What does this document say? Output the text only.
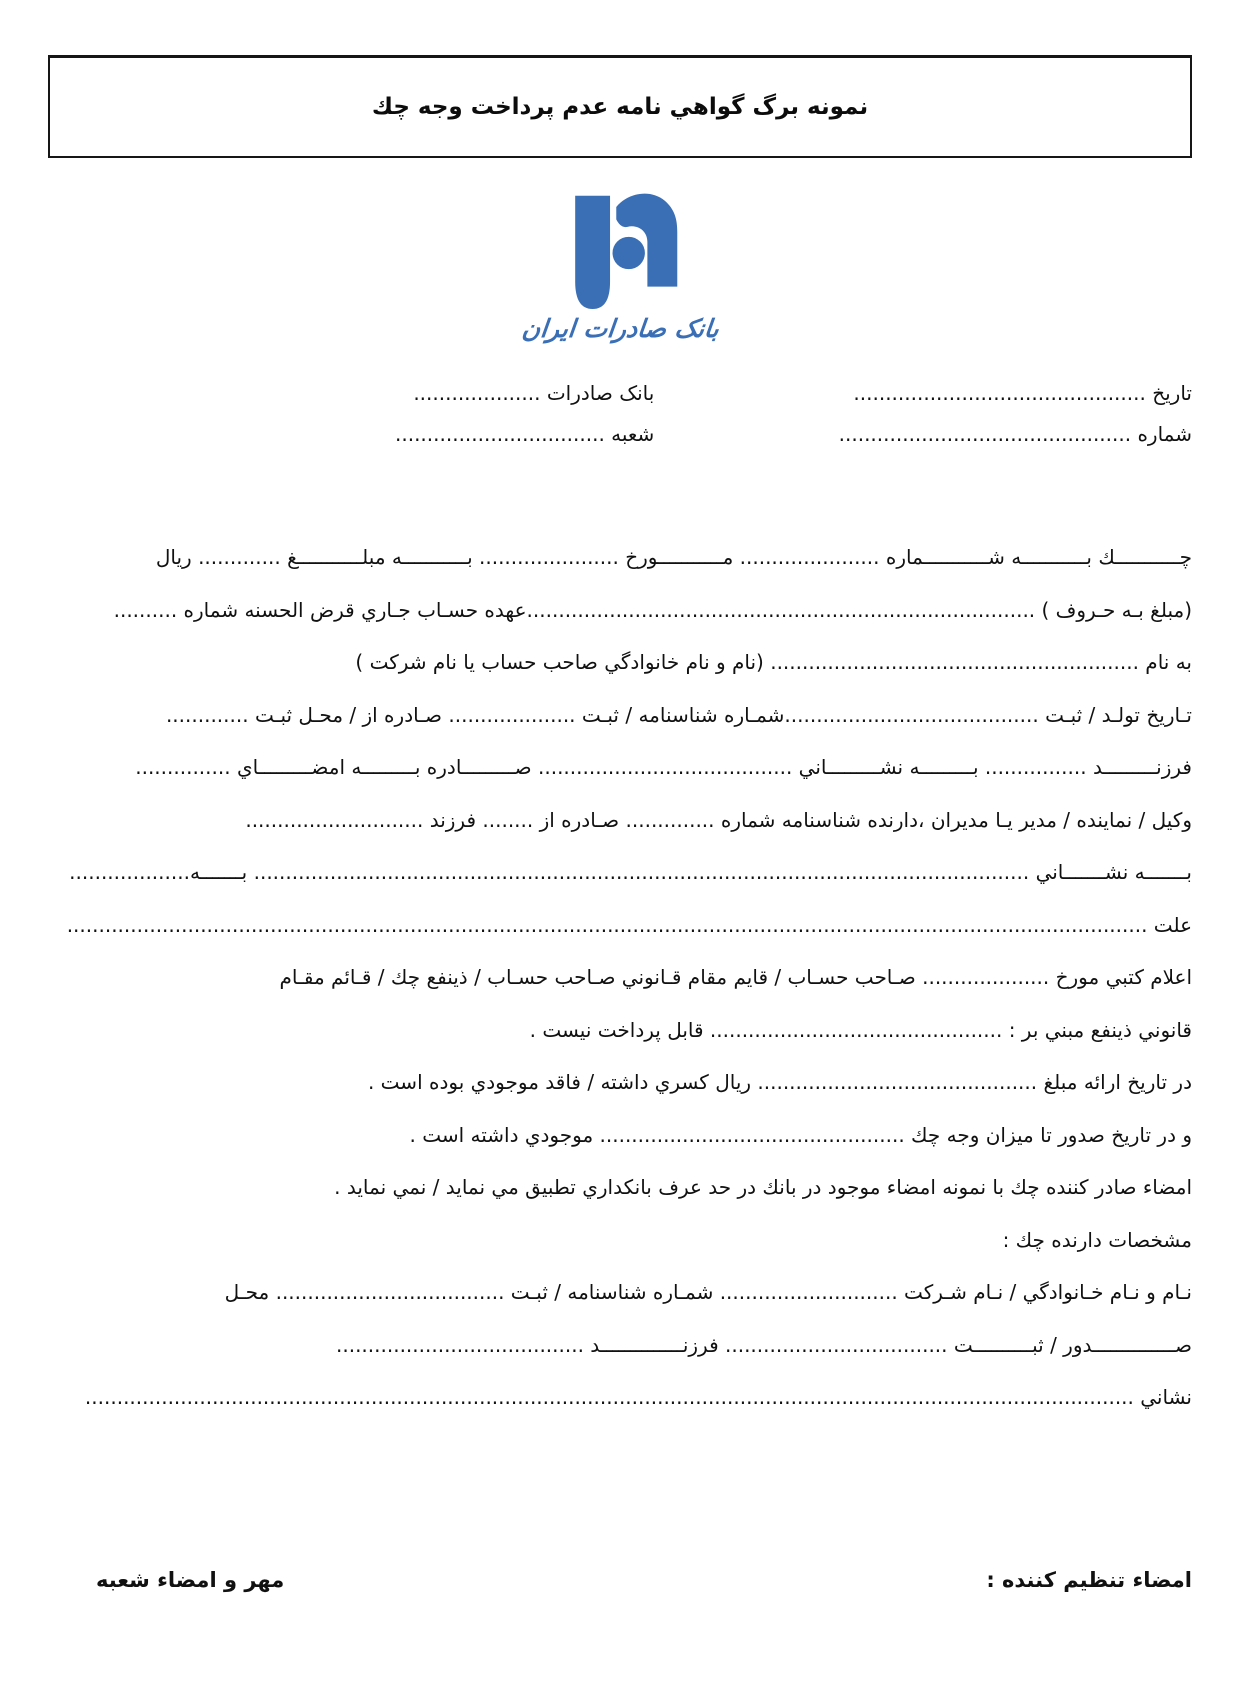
نمونه برگ گواهي نامه عدم پرداخت وجه چك
بانک صادرات ایران
تاريخ ..............................................
شماره ..............................................
بانک صادرات ....................
شعبه .................................
چـــــــــــك بـــــــــــه شـــــــــــماره ...................... مـــــــــــورخ ...................... بـــــــــــه مبلـــــــــــغ ............. ريال
(مبلغ بـه حـروف ) ................................................................................عهده حسـاب جـاري قرض الحسنه شماره ..........
به نام .......................................................... (نام و نام خانوادگي صاحب حساب يا نام شركت )
تـاريخ تولـد / ثبـت ........................................شمـاره شناسنامه / ثبـت .................... صـادره از / محـل ثبـت .............
فرزنـــــــــد ................ بـــــــــه نشـــــــــاني ........................................ صـــــــــادره بـــــــــه امضـــــــــاي ...............
وكيل / نماينده / مدير يـا مديران ،دارنده شناسنامه شماره .............. صـادره از ........ فرزند ............................
بـــــــه نشـــــــاني .......................................................................................................................... بـــــــه...................
علت ..........................................................................................................................................................................
اعلام كتبي مورخ .................... صـاحب حسـاب / قايم مقام قـانوني صـاحب حسـاب / ذينفع چك / قـائم مقـام
قانوني ذينفع مبني بر : .............................................. قابل پرداخت نيست .
در تاريخ ارائه مبلغ ............................................ ريال كسري داشته / فاقد موجودي بوده است .
و در تاريخ صدور تا ميزان وجه چك ................................................ موجودي داشته است .
امضاء صادر كننده چك با نمونه امضاء موجود در بانك در حد عرف بانكداري تطبيق مي نمايد / نمي نمايد .
مشخصات دارنده چك :
نـام و نـام خـانوادگي / نـام شـركت ............................ شمـاره شناسنامه / ثبـت .................................... محـل
صــــــــــــــدور / ثبــــــــــت ................................... فرزنــــــــــــــد .......................................
نشاني .....................................................................................................................................................................
امضاء تنظيم كننده :
مهر و امضاء شعبه
